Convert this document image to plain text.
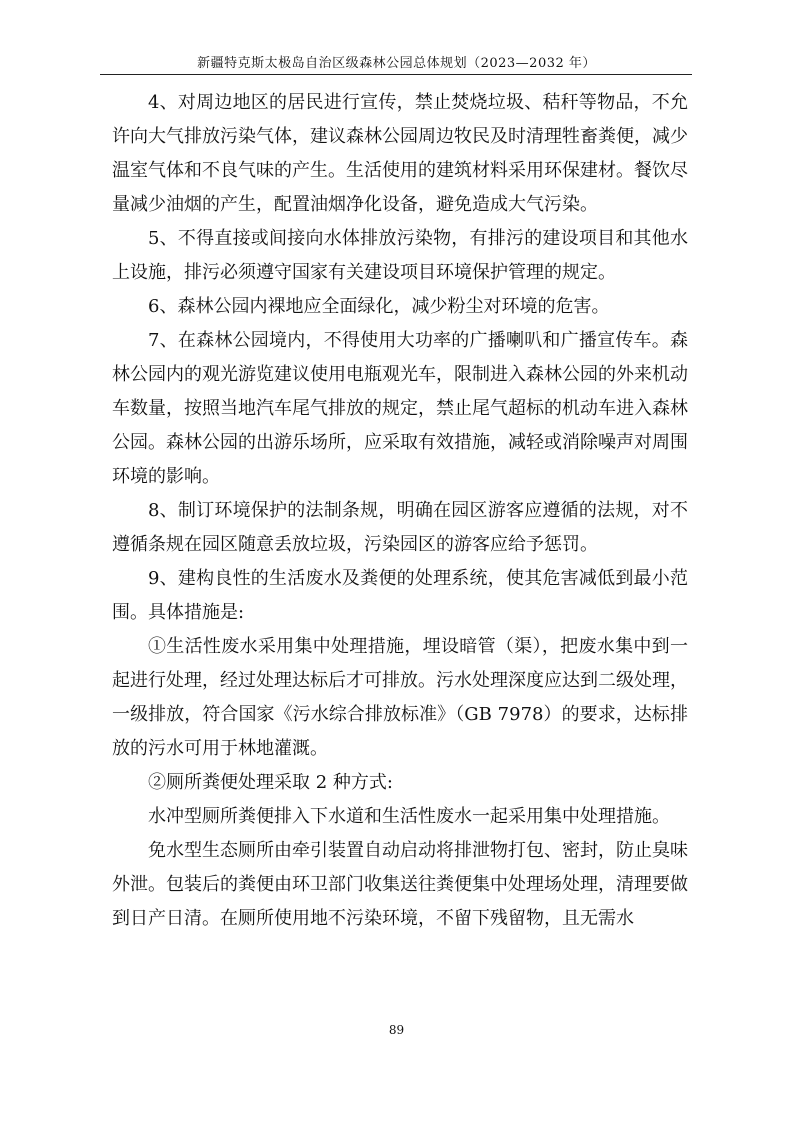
新疆特克斯太极岛自治区级森林公园总体规划（2023—2032 年）

4、对周边地区的居民进行宣传，禁止焚烧垃圾、秸秆等物品，不允许向大气排放污染气体，建议森林公园周边牧民及时清理牲畜粪便，减少温室气体和不良气味的产生。生活使用的建筑材料采用环保建材。餐饮尽量减少油烟的产生，配置油烟净化设备，避免造成大气污染。

5、不得直接或间接向水体排放污染物，有排污的建设项目和其他水上设施，排污必须遵守国家有关建设项目环境保护管理的规定。

6、森林公园内裸地应全面绿化，减少粉尘对环境的危害。

7、在森林公园境内，不得使用大功率的广播喇叭和广播宣传车。森林公园内的观光游览建议使用电瓶观光车，限制进入森林公园的外来机动车数量，按照当地汽车尾气排放的规定，禁止尾气超标的机动车进入森林公园。森林公园的出游乐场所，应采取有效措施，减轻或消除噪声对周围环境的影响。

8、制订环境保护的法制条规，明确在园区游客应遵循的法规，对不遵循条规在园区随意丢放垃圾，污染园区的游客应给予惩罚。

9、建构良性的生活废水及粪便的处理系统，使其危害减低到最小范围。具体措施是:

①生活性废水采用集中处理措施，埋设暗管（渠），把废水集中到一起进行处理，经过处理达标后才可排放。污水处理深度应达到二级处理，一级排放，符合国家《污水综合排放标准》（GB 7978）的要求，达标排放的污水可用于林地灌溉。

②厕所粪便处理采取 2 种方式:

水冲型厕所粪便排入下水道和生活性废水一起采用集中处理措施。

免水型生态厕所由牵引装置自动启动将排泄物打包、密封，防止臭味外泄。包装后的粪便由环卫部门收集送往粪便集中处理场处理，清理要做到日产日清。在厕所使用地不污染环境，不留下残留物，且无需水

89
